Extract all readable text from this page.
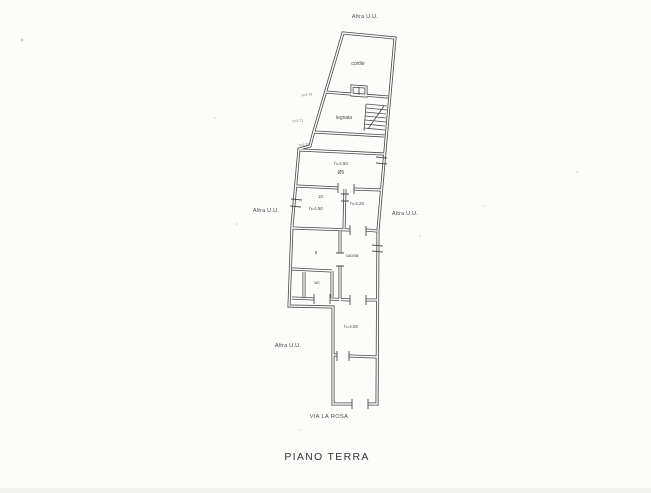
Altra U.U.
cortile
h=3.70
legnaia
h=3.71
h=3.70
h=4.50
Ø5
10.
h=4.50
h=4.28
Altra U.U.	Altra U.U.
9
cucina
wc
h=4.08
Altra U.U.
VIA LA ROSA
PIANO TERRA
